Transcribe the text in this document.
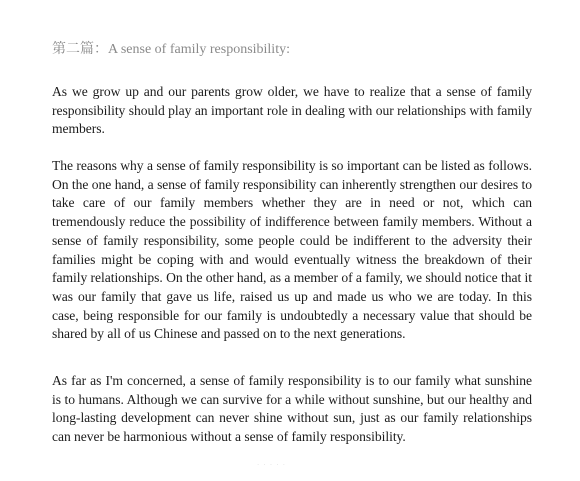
第二篇：A sense of family responsibility:

As we grow up and our parents grow older, we have to realize that a sense of family responsibility should play an important role in dealing with our relationships with family members.

The reasons why a sense of family responsibility is so important can be listed as follows. On the one hand, a sense of family responsibility can inherently strengthen our desires to take care of our family members whether they are in need or not, which can tremendously reduce the possibility of indifference between family members. Without a sense of family responsibility, some people could be indifferent to the adversity their families might be coping with and would eventually witness the breakdown of their family relationships. On the other hand, as a member of a family, we should notice that it was our family that gave us life, raised us up and made us who we are today. In this case, being responsible for our family is undoubtedly a necessary value that should be shared by all of us Chinese and passed on to the next generations.

As far as I'm concerned, a sense of family responsibility is to our family what sunshine is to humans. Although we can survive for a while without sunshine, but our healthy and long-lasting development can never shine without sun, just as our family relationships can never be harmonious without a sense of family responsibility.

· · · · ·
